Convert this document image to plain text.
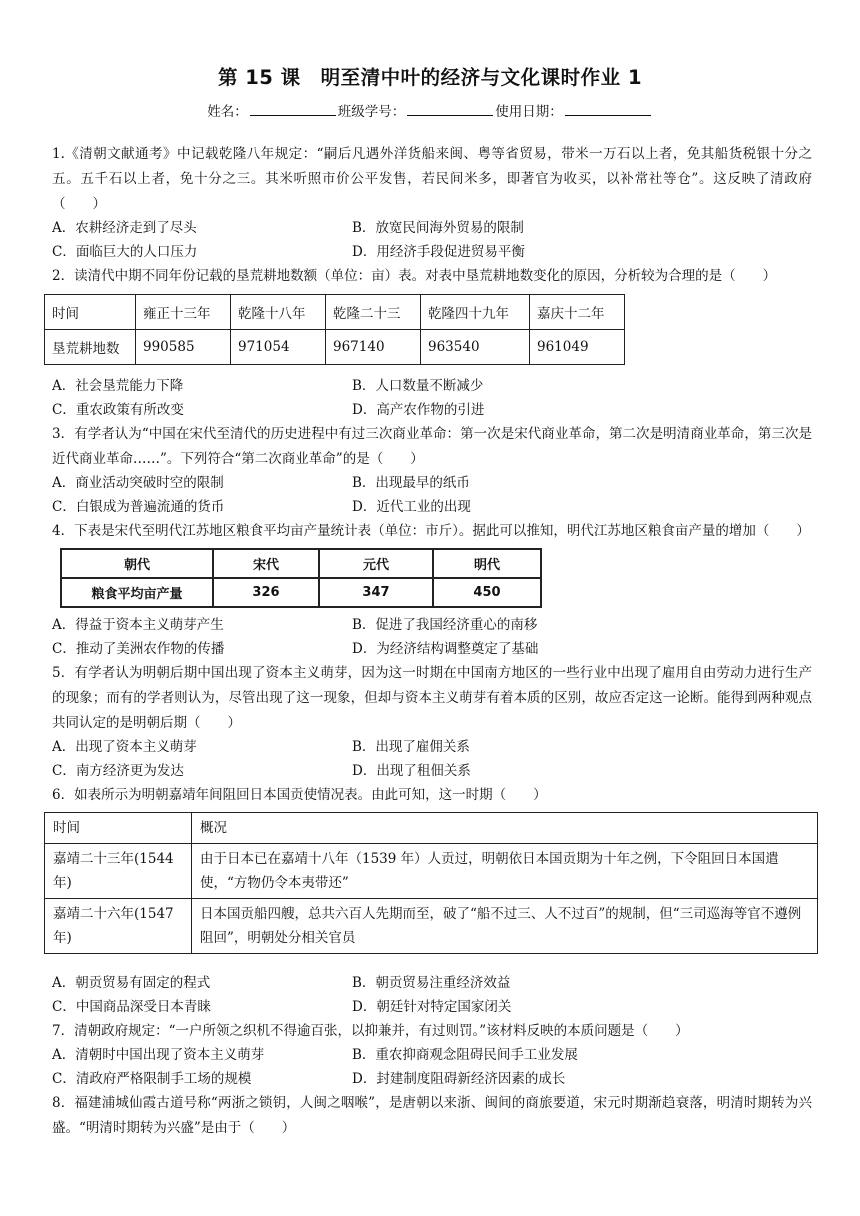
第 15 课　明至清中叶的经济与文化课时作业 1
姓名：	班级学号：	使用日期：

1.《清朝文献通考》中记载乾隆八年规定：“嗣后凡遇外洋货船来闽、粤等省贸易，带米一万石以上者，免其船货税银十分之五。五千石以上者，免十分之三。其米听照市价公平发售，若民间米多，即著官为收买，以补常社等仓”。这反映了清政府（　　）

A．农耕经济走到了尽头	B．放宽民间海外贸易的限制
C．面临巨大的人口压力	D．用经济手段促进贸易平衡

2．读清代中期不同年份记载的垦荒耕地数额（单位：亩）表。对表中垦荒耕地数变化的原因，分析较为合理的是（　　）

时间	雍正十三年	乾隆十八年	乾隆二十三	乾隆四十九年	嘉庆十二年
垦荒耕地数	990585	971054	967140	963540	961049
A．社会垦荒能力下降	B．人口数量不断减少
C．重农政策有所改变	D．高产农作物的引进

3．有学者认为“中国在宋代至清代的历史进程中有过三次商业革命：第一次是宋代商业革命，第二次是明清商业革命，第三次是近代商业革命……”。下列符合“第二次商业革命”的是（　　）

A．商业活动突破时空的限制	B．出现最早的纸币
C．白银成为普遍流通的货币	D．近代工业的出现

4．下表是宋代至明代江苏地区粮食平均亩产量统计表（单位：市斤）。据此可以推知，明代江苏地区粮食亩产量的增加（　　）

朝代	宋代	元代	明代
粮食平均亩产量	326	347	450
A．得益于资本主义萌芽产生	B．促进了我国经济重心的南移
C．推动了美洲农作物的传播	D．为经济结构调整奠定了基础

5．有学者认为明朝后期中国出现了资本主义萌芽，因为这一时期在中国南方地区的一些行业中出现了雇用自由劳动力进行生产的现象；而有的学者则认为，尽管出现了这一现象，但却与资本主义萌芽有着本质的区别，故应否定这一论断。能得到两种观点共同认定的是明朝后期（　　）

A．出现了资本主义萌芽	B．出现了雇佣关系
C．南方经济更为发达	D．出现了租佃关系

6．如表所示为明朝嘉靖年间阻回日本国贡使情况表。由此可知，这一时期（　　）

时间	概况
嘉靖二十三年(1544年)	由于日本已在嘉靖十八年（1539 年）人贡过，明朝依日本国贡期为十年之例，下令阻回日本国遣使，“方物仍令本夷带还”
嘉靖二十六年(1547年)	日本国贡船四艘，总共六百人先期而至，破了“船不过三、人不过百”的规制，但“三司巡海等官不遵例阻回”，明朝处分相关官员
A．朝贡贸易有固定的程式	B．朝贡贸易注重经济效益
C．中国商品深受日本青睐	D．朝廷针对特定国家闭关

7．清朝政府规定：“一户所领之织机不得逾百张，以抑兼并，有过则罚。”该材料反映的本质问题是（　　）

A．清朝时中国出现了资本主义萌芽	B．重农抑商观念阻碍民间手工业发展
C．清政府严格限制手工场的规模	D．封建制度阻碍新经济因素的成长

8．福建浦城仙霞古道号称“两浙之锁钥，人闽之咽喉”，是唐朝以来浙、闽间的商旅要道，宋元时期渐趋衰落，明清时期转为兴盛。“明清时期转为兴盛”是由于（　　）
